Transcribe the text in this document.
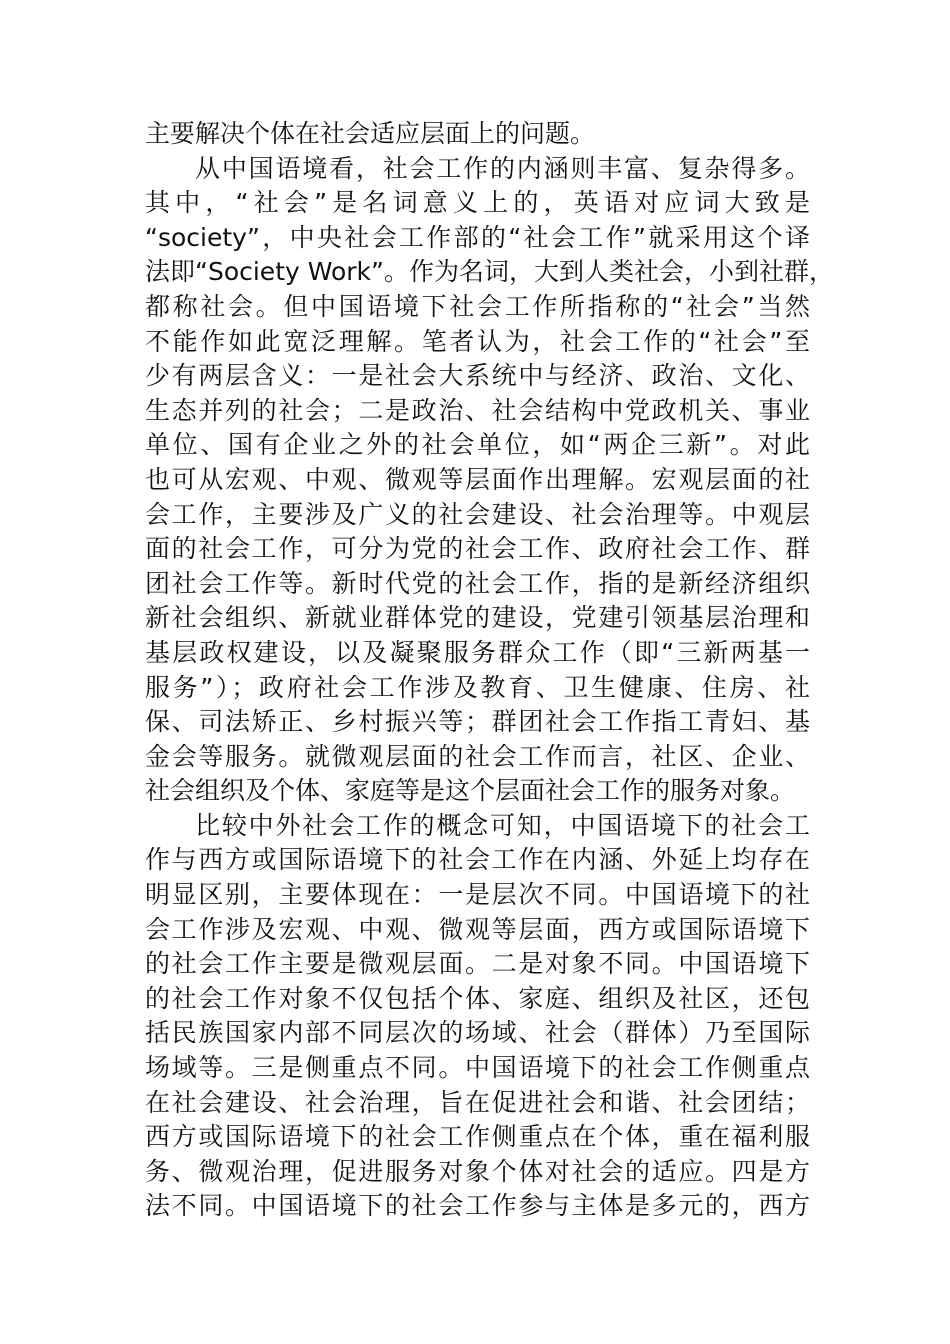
主要解决个体在社会适应层面上的问题。
从中国语境看，社会工作的内涵则丰富、复杂得多。
其中，“社会”是名词意义上的，英语对应词大致是
“society”，中央社会工作部的“社会工作”就采用这个译
法即“Society Work”。作为名词，大到人类社会，小到社群，
都称社会。但中国语境下社会工作所指称的“社会”当然
不能作如此宽泛理解。笔者认为，社会工作的“社会”至
少有两层含义：一是社会大系统中与经济、政治、文化、
生态并列的社会；二是政治、社会结构中党政机关、事业
单位、国有企业之外的社会单位，如“两企三新”。对此
也可从宏观、中观、微观等层面作出理解。宏观层面的社
会工作，主要涉及广义的社会建设、社会治理等。中观层
面的社会工作，可分为党的社会工作、政府社会工作、群
团社会工作等。新时代党的社会工作，指的是新经济组织
新社会组织、新就业群体党的建设，党建引领基层治理和
基层政权建设，以及凝聚服务群众工作（即“三新两基一
服务”）；政府社会工作涉及教育、卫生健康、住房、社
保、司法矫正、乡村振兴等；群团社会工作指工青妇、基
金会等服务。就微观层面的社会工作而言，社区、企业、
社会组织及个体、家庭等是这个层面社会工作的服务对象。
比较中外社会工作的概念可知，中国语境下的社会工
作与西方或国际语境下的社会工作在内涵、外延上均存在
明显区别，主要体现在：一是层次不同。中国语境下的社
会工作涉及宏观、中观、微观等层面，西方或国际语境下
的社会工作主要是微观层面。二是对象不同。中国语境下
的社会工作对象不仅包括个体、家庭、组织及社区，还包
括民族国家内部不同层次的场域、社会（群体）乃至国际
场域等。三是侧重点不同。中国语境下的社会工作侧重点
在社会建设、社会治理，旨在促进社会和谐、社会团结；
西方或国际语境下的社会工作侧重点在个体，重在福利服
务、微观治理，促进服务对象个体对社会的适应。四是方
法不同。中国语境下的社会工作参与主体是多元的，西方
